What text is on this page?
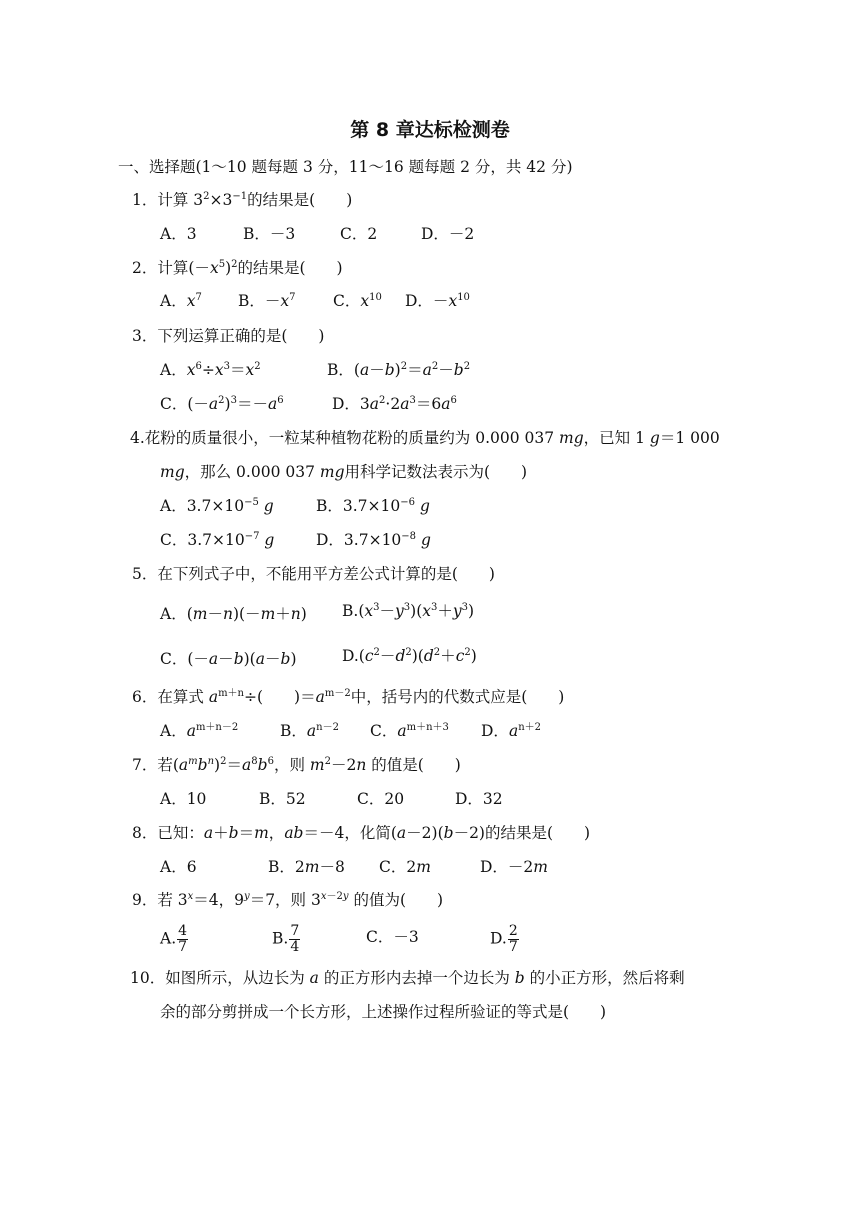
第 8 章达标检测卷
一、选择题(1～10 题每题 3 分，11～16 题每题 2 分，共 42 分)
1．计算 $3^2\times 3^{-1}$的结果是(　　)
A．3	B．－3	C．2	D．－2
2．计算$(-x^5)^2$的结果是(　　)
A．$x^7$ B．$-x^7$ C．$x^{10}$ D．$-x^{10}$
3．下列运算正确的是(　　)
A．$x^6\div x^3=x^2$	B．$(a-b)^2=a^2-b^2$
C．$(-a^2)^3=-a^6$	D．$3a^2\cdot 2a^3=6a^6$
4.花粉的质量很小，一粒某种植物花粉的质量约为 0.000 037 mg，已知 1 g＝1 000
mg，那么 0.000 037 mg用科学记数法表示为(　　)
A．$3.7\times 10^{-5}$ g	B．$3.7\times 10^{-6}$ g
C．$3.7\times 10^{-7}$ g	D．$3.7\times 10^{-8}$ g
5．在下列式子中，不能用平方差公式计算的是(　　)
A．(m－n)(－m＋n) $B.(x^3-y^3)(x^3+y^3)$
C．(－a－b)(a－b)	$D.(c^2-d^2)(d^2+c^2)$
6．在算式 $a^{m+n}\div$(　　)$=a^{m-2}$中，括号内的代数式应是(　　)
A．$a^{m+n-2}$	B．$a^{n-2}$ C．$a^{m+n+3}$ D．$a^{n+2}$
7．若$(a^mb^n)^2=a^8b^6$，则 $m^2-2n$ 的值是(　　)
A．10	B．52	C．20	D．32
8．已知：a＋b＝m，ab＝－4，化简(a－2)(b－2)的结果是(　　)
A．6	B．2m－8 C．2m	D．－2m
9．若 $3^x=4$，$9^y=7$，则 $3^{x-2y}$ 的值为(　　)
A. $\frac{4}{7}$	B. $\frac{7}{4}$	C．－3	D. $\frac{2}{7}$
10．如图所示，从边长为 a 的正方形内去掉一个边长为 b 的小正方形，然后将剩
余的部分剪拼成一个长方形，上述操作过程所验证的等式是(　　)
